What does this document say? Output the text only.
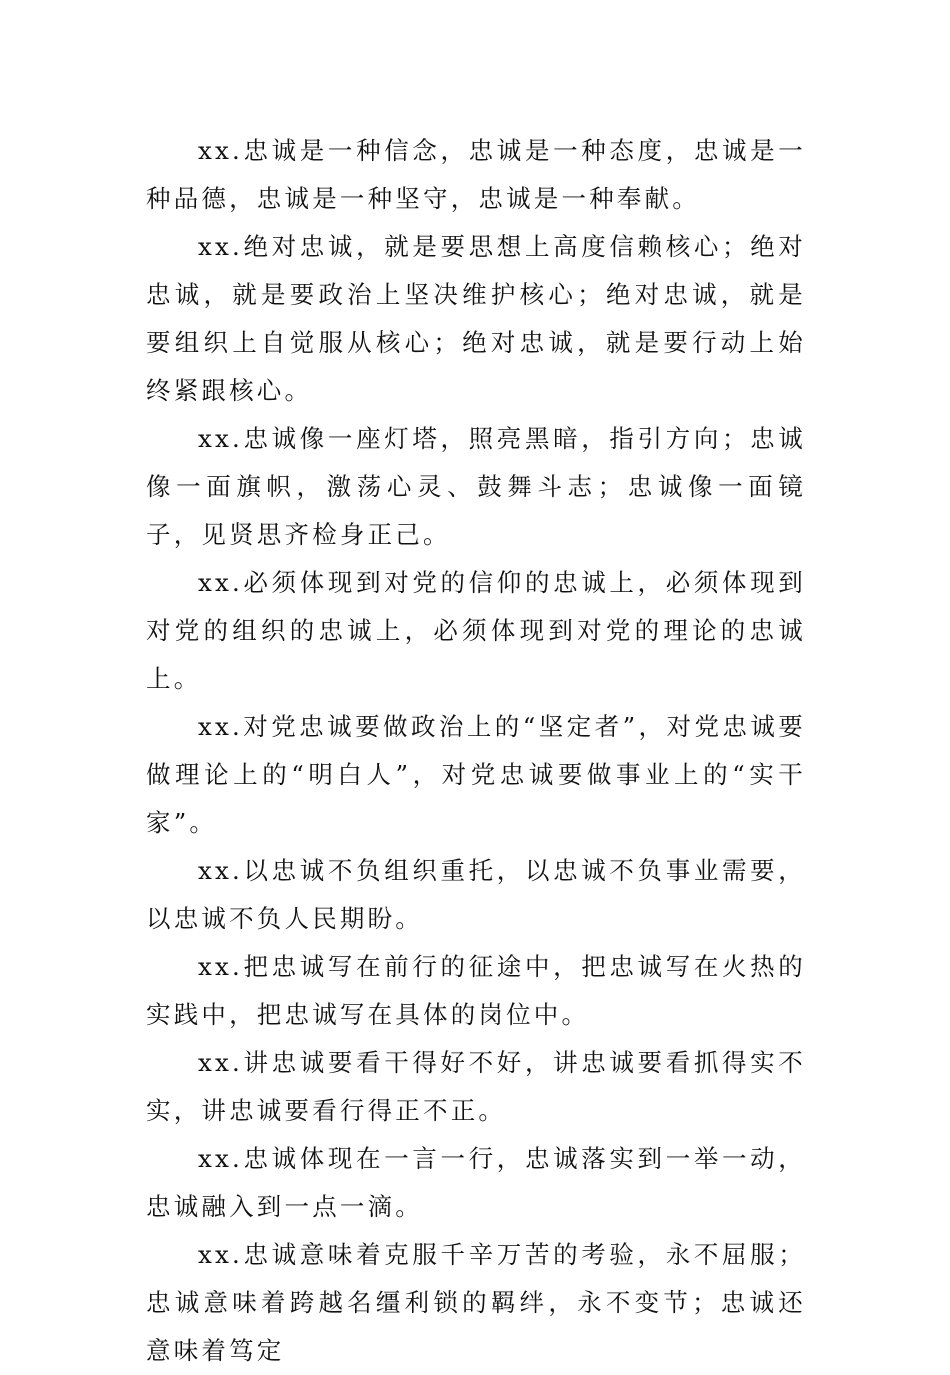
xx.忠诚是一种信念，忠诚是一种态度，忠诚是一种品德，忠诚是一种坚守，忠诚是一种奉献。

xx.绝对忠诚，就是要思想上高度信赖核心；绝对忠诚，就是要政治上坚决维护核心；绝对忠诚，就是要组织上自觉服从核心；绝对忠诚，就是要行动上始终紧跟核心。

xx.忠诚像一座灯塔，照亮黑暗，指引方向；忠诚像一面旗帜，激荡心灵、鼓舞斗志；忠诚像一面镜子，见贤思齐检身正己。

xx.必须体现到对党的信仰的忠诚上，必须体现到对党的组织的忠诚上，必须体现到对党的理论的忠诚上。

xx.对党忠诚要做政治上的“坚定者”，对党忠诚要做理论上的“明白人”，对党忠诚要做事业上的“实干家”。

xx.以忠诚不负组织重托，以忠诚不负事业需要，以忠诚不负人民期盼。

xx.把忠诚写在前行的征途中，把忠诚写在火热的实践中，把忠诚写在具体的岗位中。

xx.讲忠诚要看干得好不好，讲忠诚要看抓得实不实，讲忠诚要看行得正不正。

xx.忠诚体现在一言一行，忠诚落实到一举一动，忠诚融入到一点一滴。

xx.忠诚意味着克服千辛万苦的考验，永不屈服；忠诚意味着跨越名缰利锁的羁绊，永不变节；忠诚还意味着笃定
